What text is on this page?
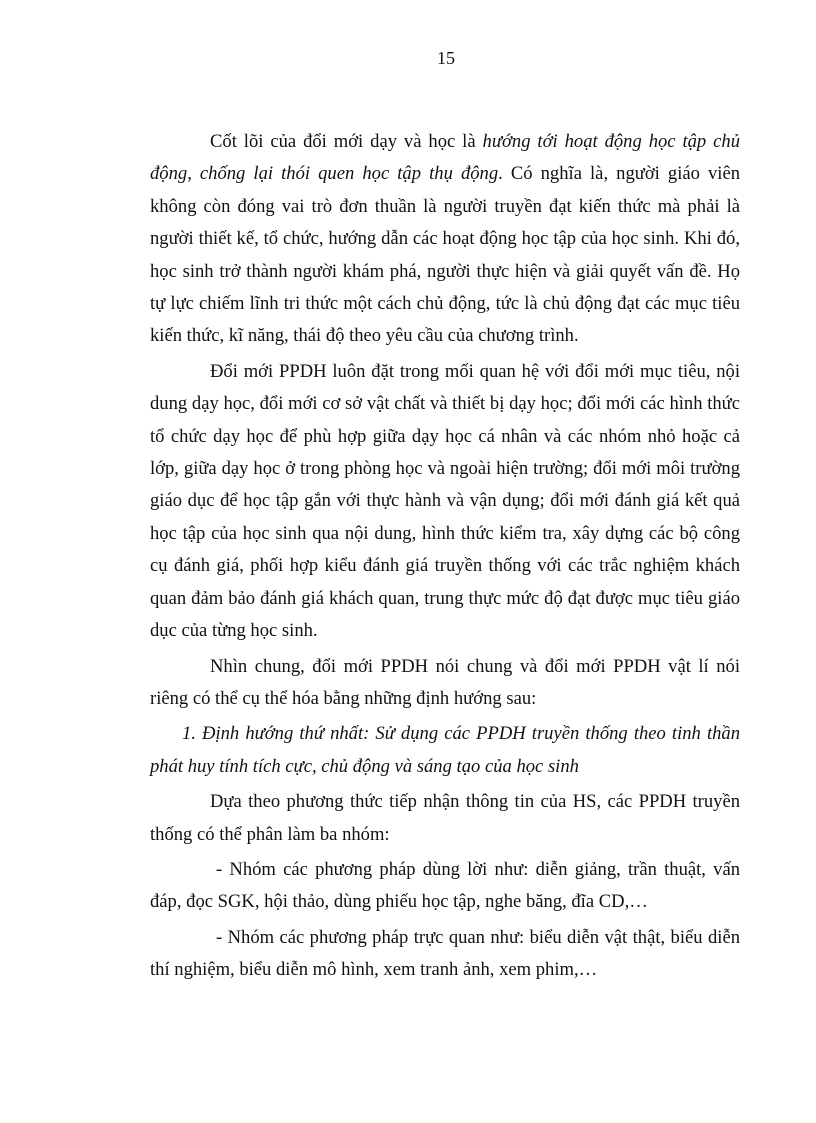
15

Cốt lõi của đổi mới dạy và học là hướng tới hoạt động học tập chủ động, chống lại thói quen học tập thụ động. Có nghĩa là, người giáo viên không còn đóng vai trò đơn thuần là người truyền đạt kiến thức mà phải là người thiết kế, tổ chức, hướng dẫn các hoạt động học tập của học sinh. Khi đó, học sinh trở thành người khám phá, người thực hiện và giải quyết vấn đề. Họ tự lực chiếm lĩnh tri thức một cách chủ động, tức là chủ động đạt các mục tiêu kiến thức, kĩ năng, thái độ theo yêu cầu của chương trình.

Đổi mới PPDH luôn đặt trong mối quan hệ với đổi mới mục tiêu, nội dung dạy học, đổi mới cơ sở vật chất và thiết bị dạy học; đổi mới các hình thức tổ chức dạy học để phù hợp giữa dạy học cá nhân và các nhóm nhỏ hoặc cả lớp, giữa dạy học ở trong phòng học và ngoài hiện trường; đổi mới môi trường giáo dục để học tập gắn với thực hành và vận dụng; đổi mới đánh giá kết quả học tập của học sinh qua nội dung, hình thức kiểm tra, xây dựng các bộ công cụ đánh giá, phối hợp kiểu đánh giá truyền thống với các trắc nghiệm khách quan đảm bảo đánh giá khách quan, trung thực mức độ đạt được mục tiêu giáo dục của từng học sinh.

Nhìn chung, đổi mới PPDH nói chung và đổi mới PPDH vật lí nói riêng có thể cụ thể hóa bằng những định hướng sau:

1. Định hướng thứ nhất: Sử dụng các PPDH truyền thống theo tinh thần phát huy tính tích cực, chủ động và sáng tạo của học sinh

Dựa theo phương thức tiếp nhận thông tin của HS, các PPDH truyền thống có thể phân làm ba nhóm:

- Nhóm các phương pháp dùng lời như: diễn giảng, trần thuật, vấn đáp, đọc SGK, hội thảo, dùng phiếu học tập, nghe băng, đĩa CD,…

- Nhóm các phương pháp trực quan như: biểu diễn vật thật, biểu diễn thí nghiệm, biểu diễn mô hình, xem tranh ảnh, xem phim,…
